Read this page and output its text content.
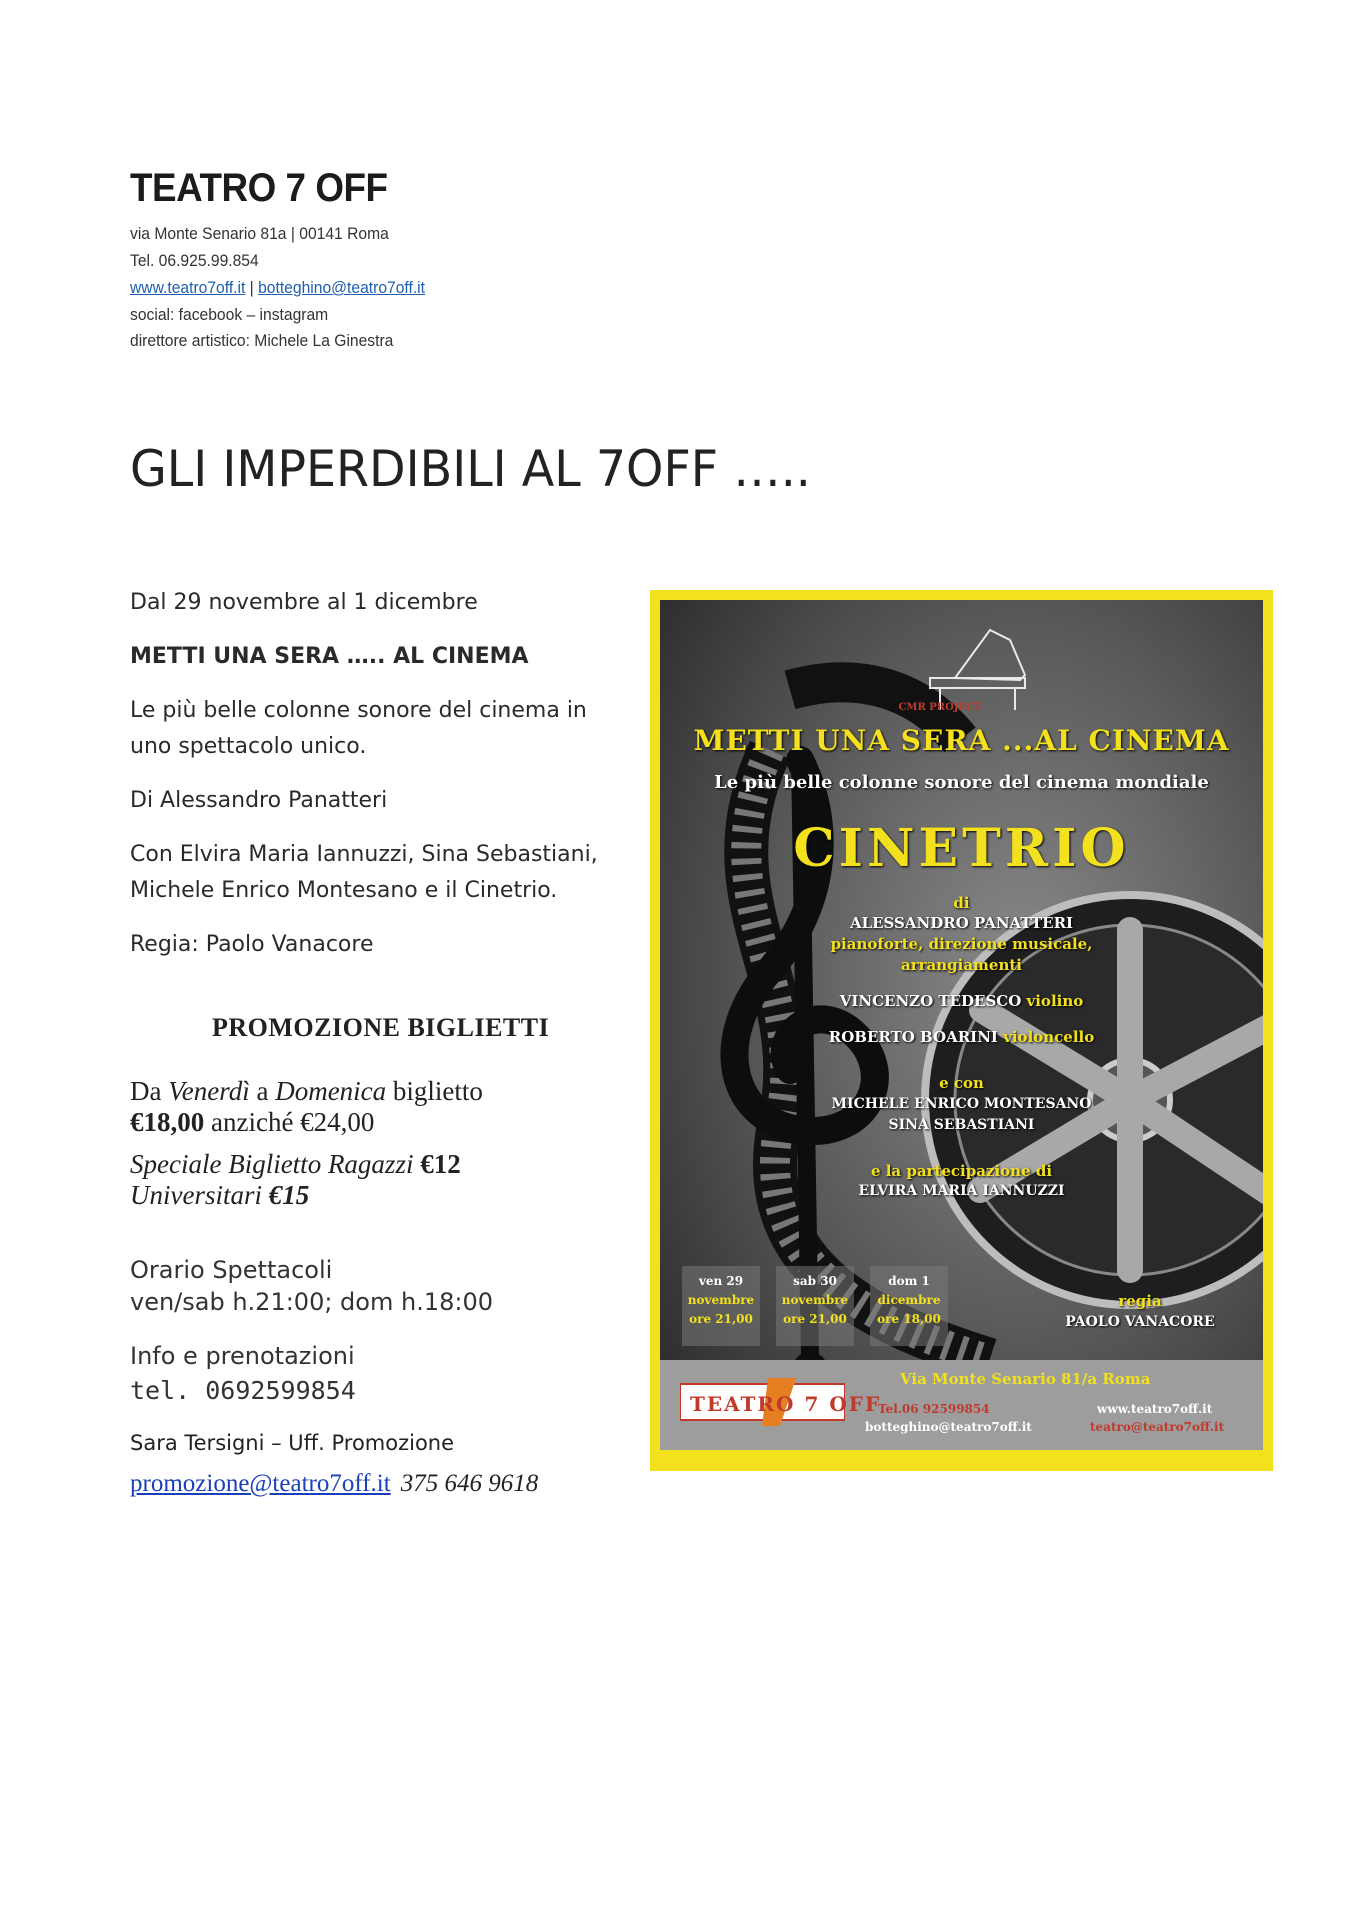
TEATRO 7 OFF
via Monte Senario 81a | 00141 Roma
Tel. 06.925.99.854
www.teatro7off.it | botteghino@teatro7off.it
social: facebook – instagram
direttore artistico: Michele La Ginestra
GLI IMPERDIBILI AL 7OFF …..
Dal 29 novembre al 1 dicembre
METTI UNA SERA ….. AL CINEMA
Le più belle colonne sonore del cinema in uno spettacolo unico.
Di Alessandro Panatteri
Con Elvira Maria Iannuzzi, Sina Sebastiani, Michele Enrico Montesano e il Cinetrio.
Regia: Paolo Vanacore
PROMOZIONE BIGLIETTI
Da Venerdì a Domenica biglietto
€18,00 anziché €24,00
Speciale Biglietto Ragazzi €12
Universitari €15
Orario Spettacoli
ven/sab h.21:00; dom h.18:00
Info e prenotazioni
tel. 0692599854
Sara Tersigni – Uff. Promozione
promozione@teatro7off.it 375 646 9618
CMR PROJECT
METTI UNA SERA ...AL CINEMA
Le più belle colonne sonore del cinema mondiale
CINETRIO
di
ALESSANDRO PANATTERI
pianoforte, direzione musicale,
arrangiamenti
VINCENZO TEDESCO violino
ROBERTO BOARINI violoncello
e con
MICHELE ENRICO MONTESANO
SINA SEBASTIANI
e la partecipazione di
ELVIRA MARIA IANNUZZI
ven 29
novembre
ore 21,00
sab 30
novembre
ore 21,00
dom 1
dicembre
ore 18,00
regia
PAOLO VANACORE
TEATRO 7 OFF
Via Monte Senario 81/a Roma
Tel.06 92599854
botteghino@teatro7off.it
www.teatro7off.it
teatro@teatro7off.it
